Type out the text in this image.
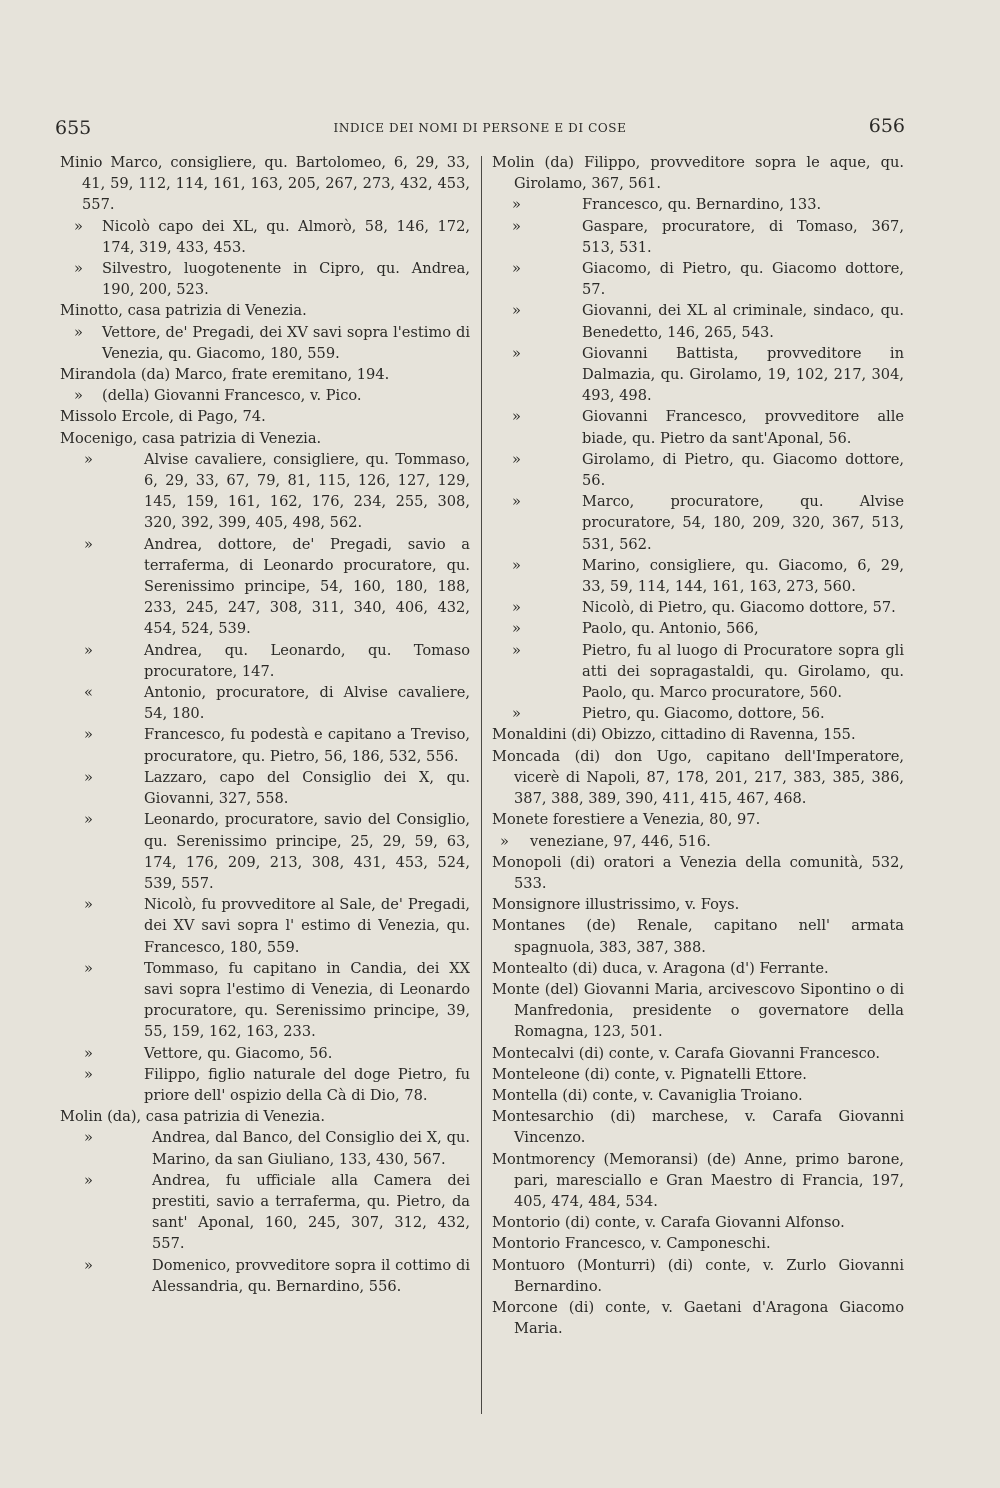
655	INDICE DEI NOMI DI PERSONE E DI COSE	656
Minio Marco, consigliere, qu. Bartolomeo, 6, 29, 33, 41, 59, 112, 114, 161, 163, 205, 267, 273, 432, 453, 557.
» Nicolò capo dei XL, qu. Almorò, 58, 146, 172, 174, 319, 433, 453.
» Silvestro, luogotenente in Cipro, qu. Andrea, 190, 200, 523.
Minotto, casa patrizia di Venezia.
» Vettore, de' Pregadi, dei XV savi sopra l'estimo di Venezia, qu. Giacomo, 180, 559.
Mirandola (da) Marco, frate eremitano, 194.
» (della) Giovanni Francesco, v. Pico.
Missolo Ercole, di Pago, 74.
Mocenigo, casa patrizia di Venezia.
»	Alvise cavaliere, consigliere, qu. Tommaso, 6, 29, 33, 67, 79, 81, 115, 126, 127, 129, 145, 159, 161, 162, 176, 234, 255, 308, 320, 392, 399, 405, 498, 562.
»	Andrea, dottore, de' Pregadi, savio a terraferma, di Leonardo procuratore, qu. Serenissimo principe, 54, 160, 180, 188, 233, 245, 247, 308, 311, 340, 406, 432, 454, 524, 539.
»	Andrea, qu. Leonardo, qu. Tomaso procuratore, 147.
«	Antonio, procuratore, di Alvise cavaliere, 54, 180.
»	Francesco, fu podestà e capitano a Treviso, procuratore, qu. Pietro, 56, 186, 532, 556.
»	Lazzaro, capo del Consiglio dei X, qu. Giovanni, 327, 558.
»	Leonardo, procuratore, savio del Consiglio, qu. Serenissimo principe, 25, 29, 59, 63, 174, 176, 209, 213, 308, 431, 453, 524, 539, 557.
»	Nicolò, fu provveditore al Sale, de' Pregadi, dei XV savi sopra l' estimo di Venezia, qu. Francesco, 180, 559.
»	Tommaso, fu capitano in Candia, dei XX savi sopra l'estimo di Venezia, di Leonardo procuratore, qu. Serenissimo principe, 39, 55, 159, 162, 163, 233.
»	Vettore, qu. Giacomo, 56.
»	Filippo, figlio naturale del doge Pietro, fu priore dell' ospizio della Cà di Dio, 78.
Molin (da), casa patrizia di Venezia.
»	Andrea, dal Banco, del Consiglio dei X, qu. Marino, da san Giuliano, 133, 430, 567.
»	Andrea, fu ufficiale alla Camera dei prestiti, savio a terraferma, qu. Pietro, da sant' Aponal, 160, 245, 307, 312, 432, 557.
»	Domenico, provveditore sopra il cottimo di Alessandria, qu. Bernardino, 556.
Molin (da) Filippo, provveditore sopra le aque, qu. Girolamo, 367, 561.
»	Francesco, qu. Bernardino, 133.
»	Gaspare, procuratore, di Tomaso, 367, 513, 531.
»	Giacomo, di Pietro, qu. Giacomo dottore, 57.
»	Giovanni, dei XL al criminale, sindaco, qu. Benedetto, 146, 265, 543.
»	Giovanni Battista, provveditore in Dalmazia, qu. Girolamo, 19, 102, 217, 304, 493, 498.
»	Giovanni Francesco, provveditore alle biade, qu. Pietro da sant'Aponal, 56.
»	Girolamo, di Pietro, qu. Giacomo dottore, 56.
»	Marco, procuratore, qu. Alvise procuratore, 54, 180, 209, 320, 367, 513, 531, 562.
»	Marino, consigliere, qu. Giacomo, 6, 29, 33, 59, 114, 144, 161, 163, 273, 560.
»	Nicolò, di Pietro, qu. Giacomo dottore, 57.
»	Paolo, qu. Antonio, 566,
»	Pietro, fu al luogo di Procuratore sopra gli atti dei sopragastaldi, qu. Girolamo, qu. Paolo, qu. Marco procuratore, 560.
»	Pietro, qu. Giacomo, dottore, 56.
Monaldini (di) Obizzo, cittadino di Ravenna, 155.
Moncada (di) don Ugo, capitano dell'Imperatore, vicerè di Napoli, 87, 178, 201, 217, 383, 385, 386, 387, 388, 389, 390, 411, 415, 467, 468.
Monete forestiere a Venezia, 80, 97.
» veneziane, 97, 446, 516.
Monopoli (di) oratori a Venezia della comunità, 532, 533.
Monsignore illustrissimo, v. Foys.
Montanes (de) Renale, capitano nell' armata spagnuola, 383, 387, 388.
Montealto (di) duca, v. Aragona (d') Ferrante.
Monte (del) Giovanni Maria, arcivescovo Sipontino o di Manfredonia, presidente o governatore della Romagna, 123, 501.
Montecalvi (di) conte, v. Carafa Giovanni Francesco.
Monteleone (di) conte, v. Pignatelli Ettore.
Montella (di) conte, v. Cavaniglia Troiano.
Montesarchio (di) marchese, v. Carafa Giovanni Vincenzo.
Montmorency (Memoransi) (de) Anne, primo barone, pari, maresciallo e Gran Maestro di Francia, 197, 405, 474, 484, 534.
Montorio (di) conte, v. Carafa Giovanni Alfonso.
Montorio Francesco, v. Camponeschi.
Montuoro (Monturri) (di) conte, v. Zurlo Giovanni Bernardino.
Morcone (di) conte, v. Gaetani d'Aragona Giacomo Maria.
